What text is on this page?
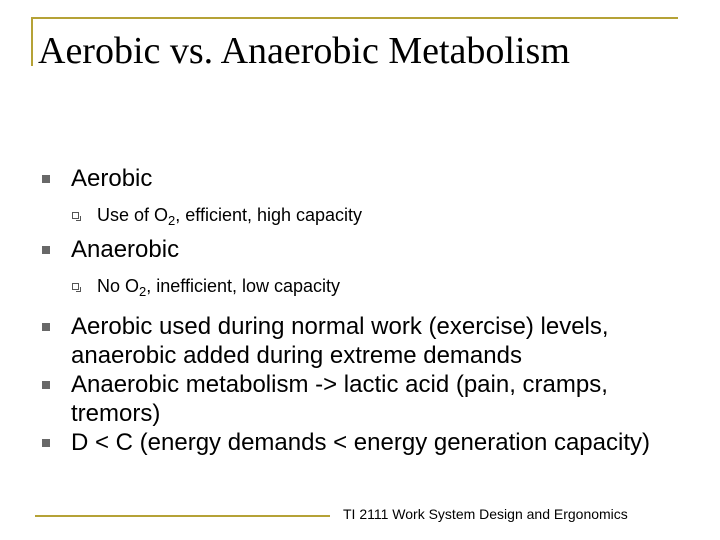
Aerobic vs. Anaerobic Metabolism
Aerobic
Use of $O_2$, efficient, high capacity
Anaerobic
No $O_2$, inefficient, low capacity
Aerobic used during normal work (exercise) levels, anaerobic added during extreme demands
Anaerobic metabolism -> lactic acid (pain, cramps, tremors)
D < C (energy demands < energy generation capacity)
TI 2111 Work System Design and Ergonomics
